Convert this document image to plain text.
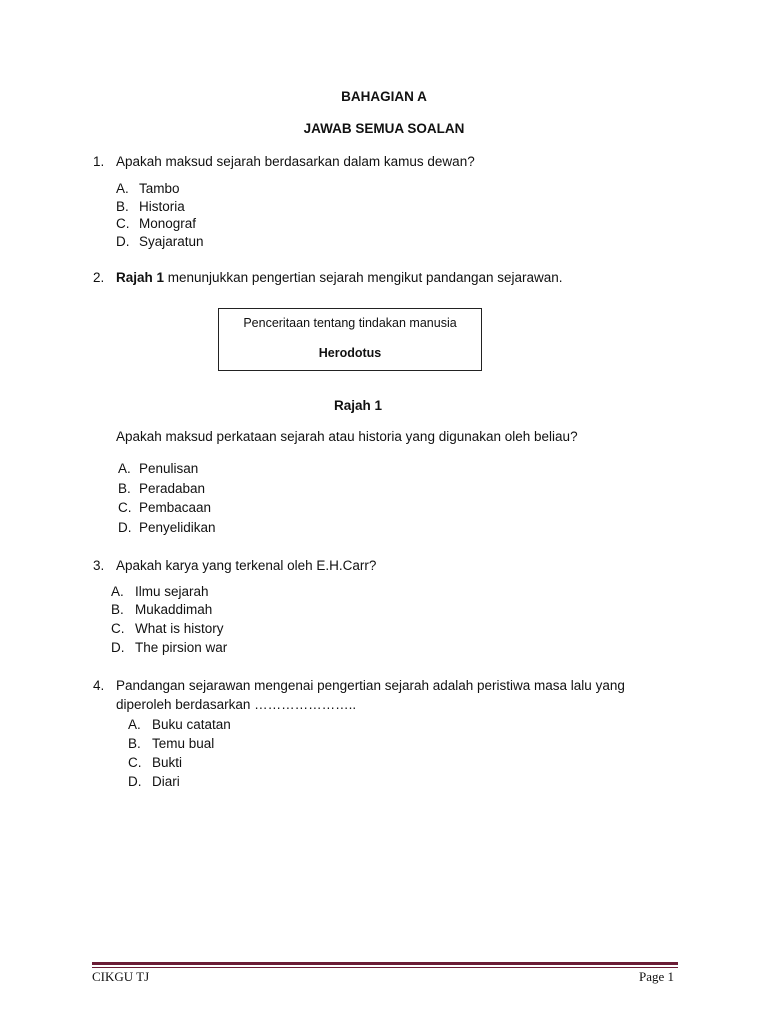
BAHAGIAN A
JAWAB SEMUA SOALAN
1. Apakah maksud sejarah berdasarkan dalam kamus dewan?
A. Tambo
B. Historia
C. Monograf
D. Syajaratun
2. Rajah 1 menunjukkan pengertian sejarah mengikut pandangan sejarawan.
Penceritaan tentang tindakan manusia
Herodotus
Rajah 1
Apakah maksud perkataan sejarah atau historia yang digunakan oleh beliau?
A. Penulisan
B. Peradaban
C. Pembacaan
D. Penyelidikan
3. Apakah karya yang terkenal oleh E.H.Carr?
A. Ilmu sejarah
B. Mukaddimah
C. What is history
D. The pirsion war
4. Pandangan sejarawan mengenai pengertian sejarah adalah peristiwa masa lalu yang
diperoleh berdasarkan …………………..
A. Buku catatan
B. Temu bual
C. Bukti
D. Diari
CIKGU TJ	Page 1
